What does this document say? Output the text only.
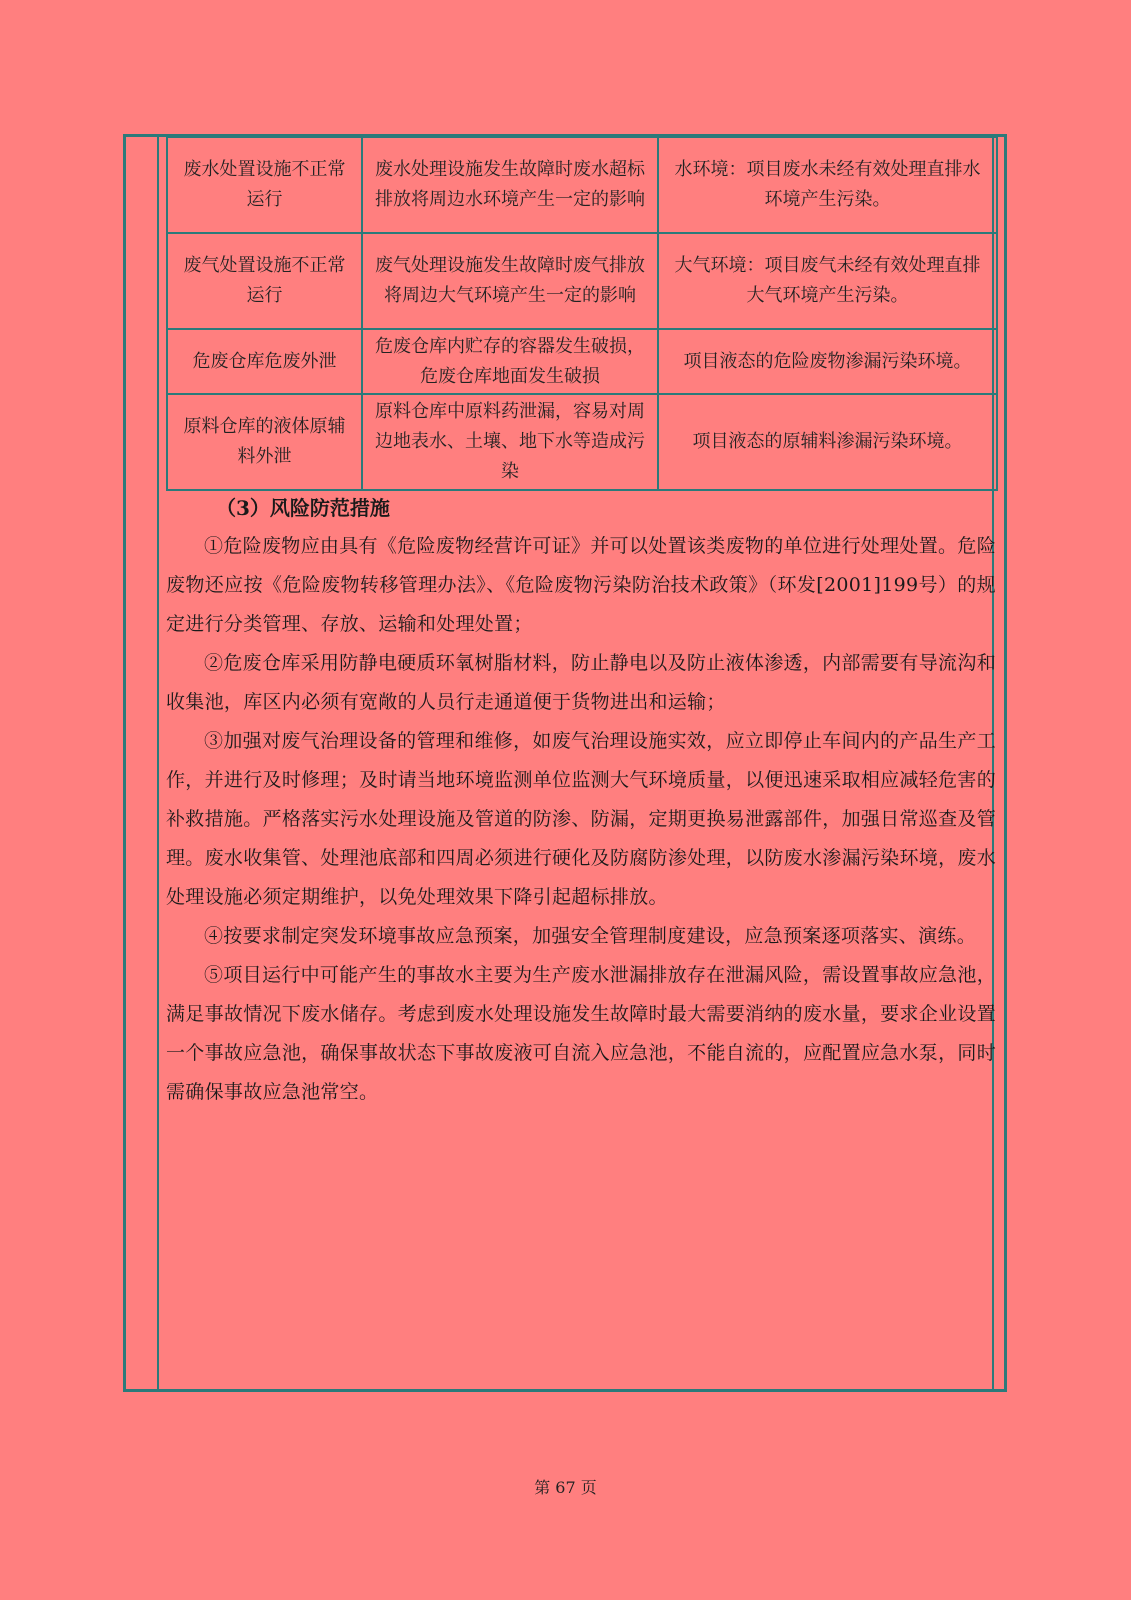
废水处置设施不正常运行	废水处理设施发生故障时废水超标排放将周边水环境产生一定的影响	水环境：项目废水未经有效处理直排水环境产生污染。
废气处置设施不正常运行	废气处理设施发生故障时废气排放将周边大气环境产生一定的影响	大气环境：项目废气未经有效处理直排大气环境产生污染。
危废仓库危废外泄	危废仓库内贮存的容器发生破损，危废仓库地面发生破损	项目液态的危险废物渗漏污染环境。
原料仓库的液体原辅料外泄	原料仓库中原料药泄漏，容易对周边地表水、土壤、地下水等造成污染	项目液态的原辅料渗漏污染环境。
（3）风险防范措施

①危险废物应由具有《危险废物经营许可证》并可以处置该类废物的单位进行处理处置。危险废物还应按《危险废物转移管理办法》、《危险废物污染防治技术政策》（环发[2001]199号）的规定进行分类管理、存放、运输和处理处置；

②危废仓库采用防静电硬质环氧树脂材料，防止静电以及防止液体渗透，内部需要有导流沟和收集池，库区内必须有宽敞的人员行走通道便于货物进出和运输；

③加强对废气治理设备的管理和维修，如废气治理设施实效，应立即停止车间内的产品生产工作，并进行及时修理；及时请当地环境监测单位监测大气环境质量，以便迅速采取相应减轻危害的补救措施。严格落实污水处理设施及管道的防渗、防漏，定期更换易泄露部件，加强日常巡查及管理。废水收集管、处理池底部和四周必须进行硬化及防腐防渗处理，以防废水渗漏污染环境，废水处理设施必须定期维护，以免处理效果下降引起超标排放。

④按要求制定突发环境事故应急预案，加强安全管理制度建设，应急预案逐项落实、演练。

⑤项目运行中可能产生的事故水主要为生产废水泄漏排放存在泄漏风险，需设置事故应急池，满足事故情况下废水储存。考虑到废水处理设施发生故障时最大需要消纳的废水量，要求企业设置一个事故应急池，确保事故状态下事故废液可自流入应急池，不能自流的，应配置应急水泵，同时需确保事故应急池常空。

第 67 页
